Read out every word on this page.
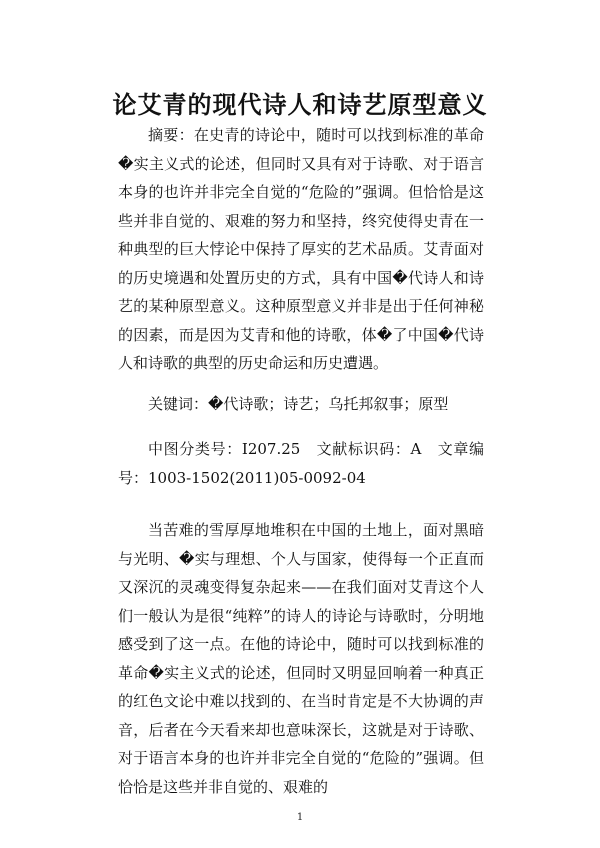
论艾青的现代诗人和诗艺原型意义

摘要：在史青的诗论中，随时可以找到标准的革命�实主义式的论述，但同时又具有对于诗歌、对于语言本身的也许并非完全自觉的“危险的”强调。但恰恰是这些并非自觉的、艰难的努力和坚持，终究使得史青在一种典型的巨大悖论中保持了厚实的艺术品质。艾青面对的历史境遇和处置历史的方式，具有中国�代诗人和诗艺的某种原型意义。这种原型意义并非是出于任何神秘的因素，而是因为艾青和他的诗歌，体�了中国�代诗人和诗歌的典型的历史命运和历史遭遇。

关键词：�代诗歌；诗艺；乌托邦叙事；原型

中图分类号：I207.25　文献标识码：A　文章编号：1003-1502(2011)05-0092-04

当苦难的雪厚厚地堆积在中国的土地上，面对黑暗与光明、�实与理想、个人与国家，使得每一个正直而又深沉的灵魂变得复杂起来——在我们面对艾青这个人们一般认为是很“纯粹”的诗人的诗论与诗歌时，分明地感受到了这一点。在他的诗论中，随时可以找到标准的革命�实主义式的论述，但同时又明显回响着一种真正的红色文论中难以找到的、在当时肯定是不大协调的声音，后者在今天看来却也意味深长，这就是对于诗歌、对于语言本身的也许并非完全自觉的“危险的”强调。但恰恰是这些并非自觉的、艰难的

1
